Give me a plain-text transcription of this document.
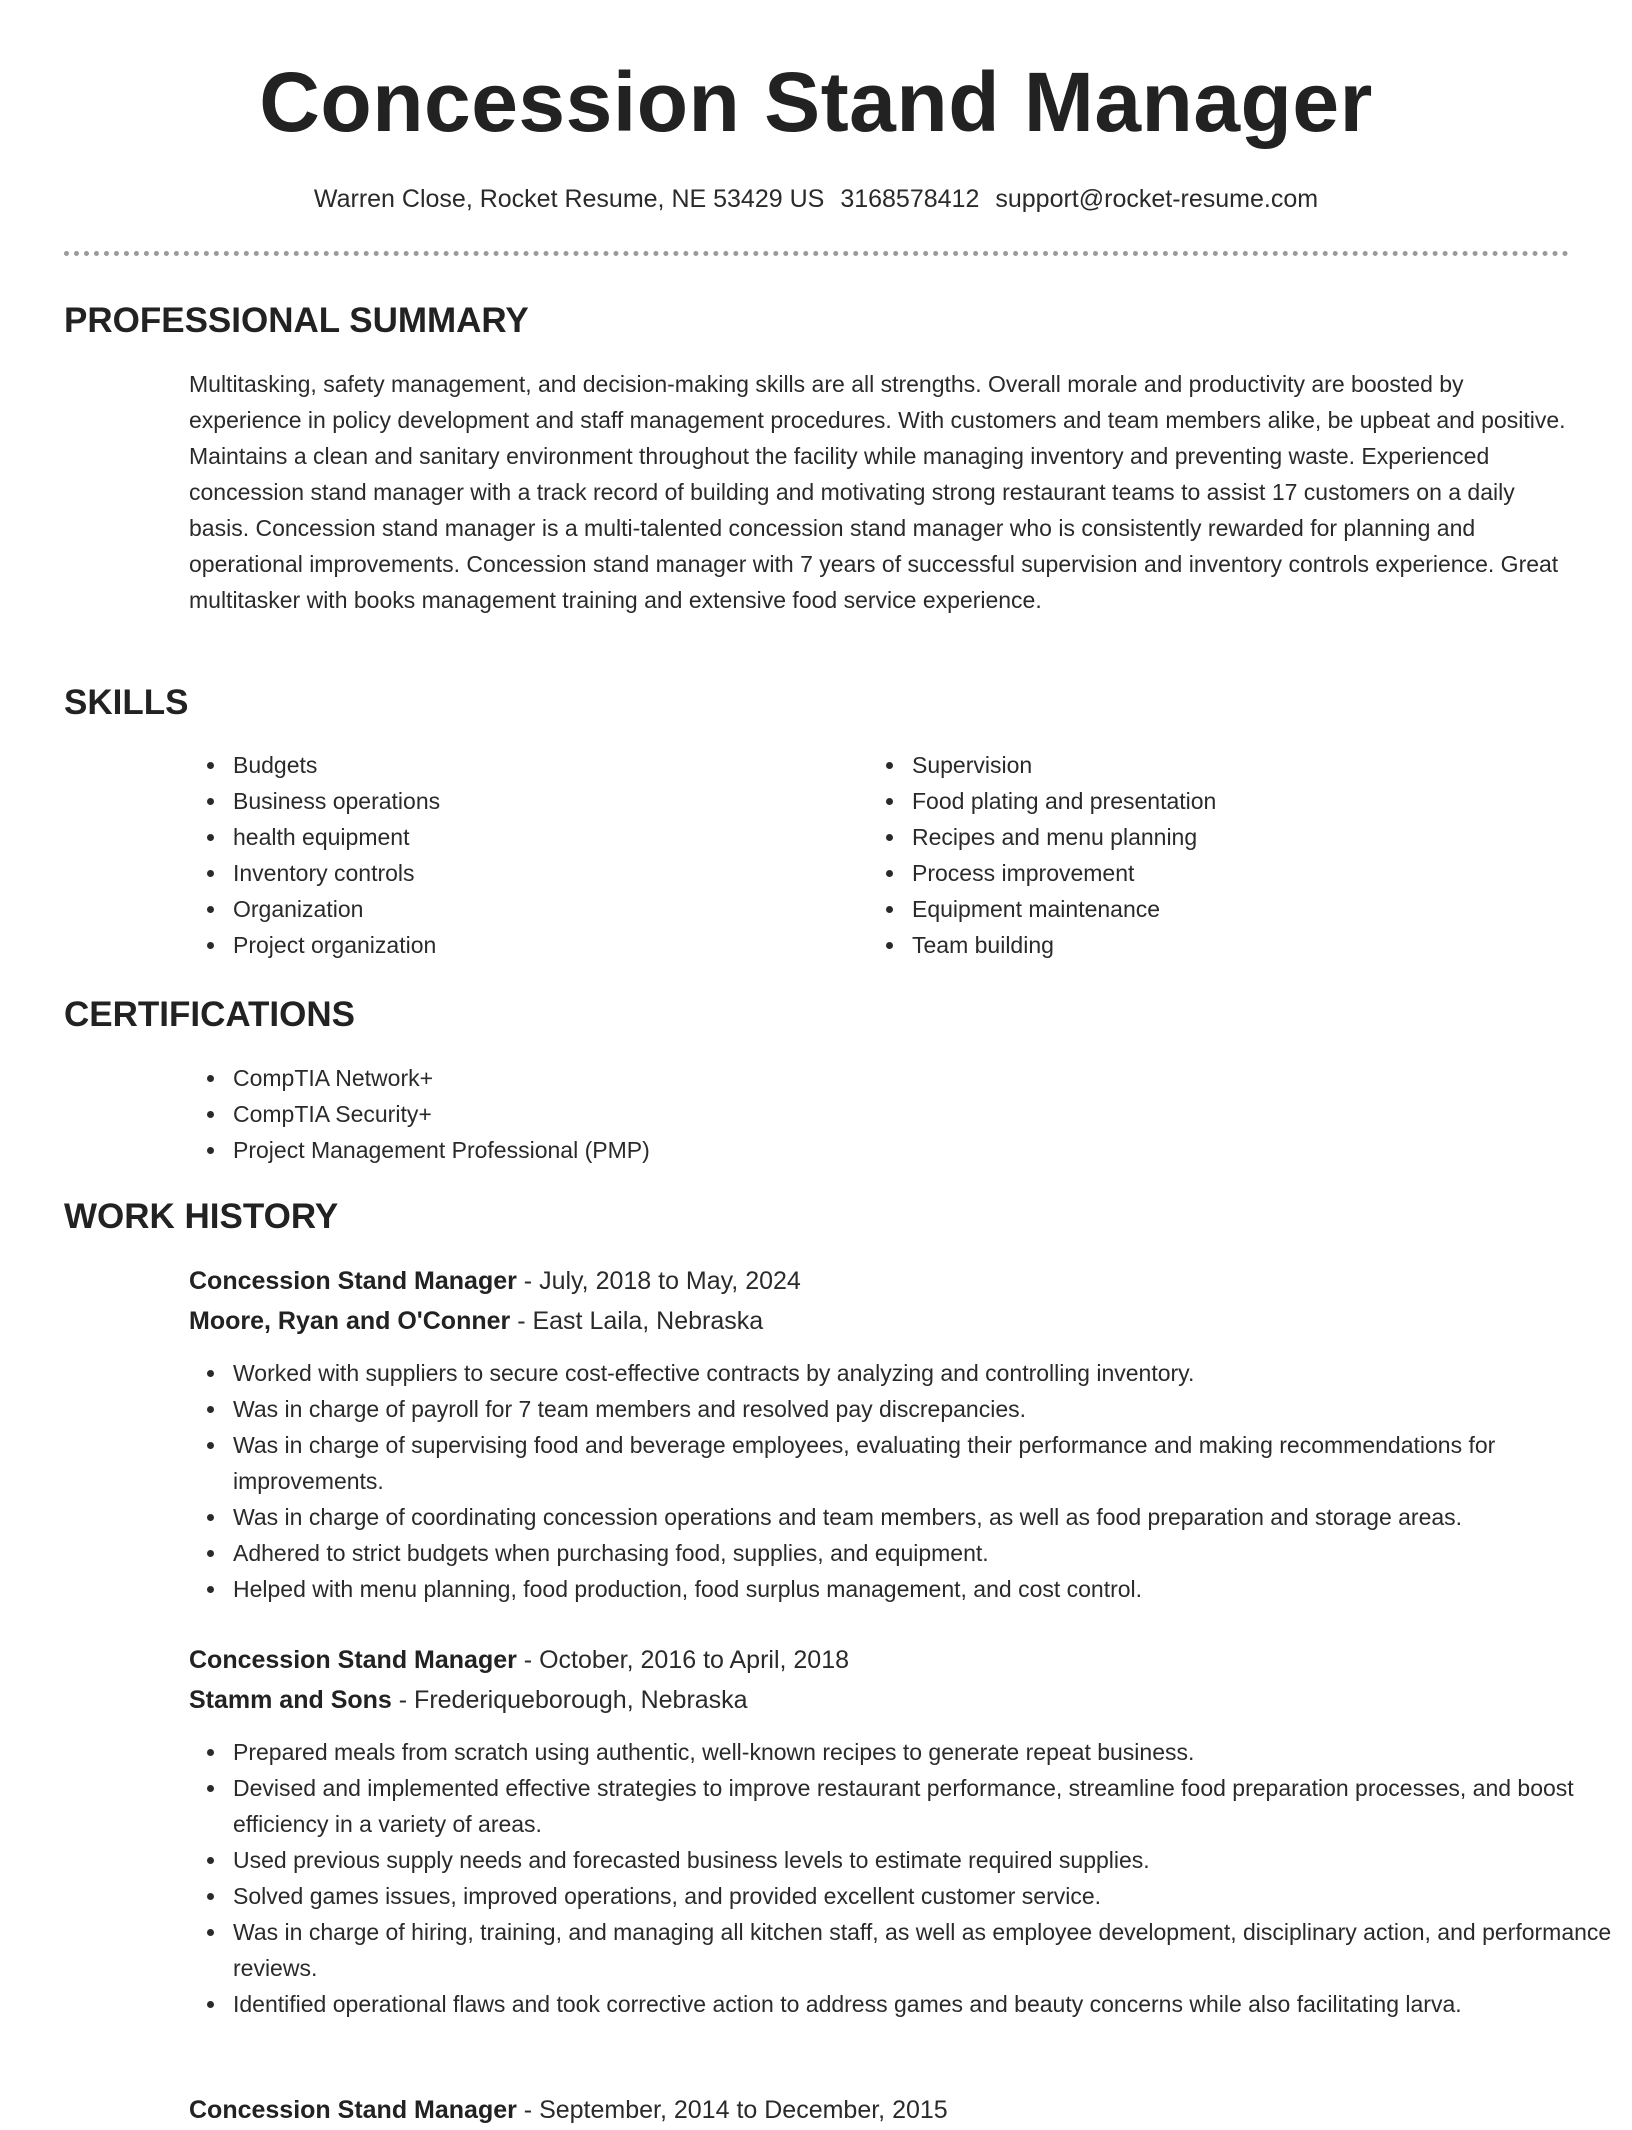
Concession Stand Manager
Warren Close, Rocket Resume, NE 53429 US 3168578412 support@rocket-resume.com
PROFESSIONAL SUMMARY

Multitasking, safety management, and decision-making skills are all strengths. Overall morale and productivity are boosted by experience in policy development and staff management procedures. With customers and team members alike, be upbeat and positive. Maintains a clean and sanitary environment throughout the facility while managing inventory and preventing waste. Experienced concession stand manager with a track record of building and motivating strong restaurant teams to assist 17 customers on a daily basis. Concession stand manager is a multi-talented concession stand manager who is consistently rewarded for planning and operational improvements. Concession stand manager with 7 years of successful supervision and inventory controls experience. Great multitasker with books management training and extensive food service experience.

SKILLS
Budgets
Business operations
health equipment
Inventory controls
Organization
Project organization
Supervision
Food plating and presentation
Recipes and menu planning
Process improvement
Equipment maintenance
Team building
CERTIFICATIONS
CompTIA Network+
CompTIA Security+
Project Management Professional (PMP)
WORK HISTORY
Concession Stand Manager - July, 2018 to May, 2024
Moore, Ryan and O'Conner - East Laila, Nebraska
Worked with suppliers to secure cost-effective contracts by analyzing and controlling inventory.
Was in charge of payroll for 7 team members and resolved pay discrepancies.
Was in charge of supervising food and beverage employees, evaluating their performance and making recommendations for improvements.
Was in charge of coordinating concession operations and team members, as well as food preparation and storage areas.
Adhered to strict budgets when purchasing food, supplies, and equipment.
Helped with menu planning, food production, food surplus management, and cost control.
Concession Stand Manager - October, 2016 to April, 2018
Stamm and Sons - Frederiqueborough, Nebraska
Prepared meals from scratch using authentic, well-known recipes to generate repeat business.
Devised and implemented effective strategies to improve restaurant performance, streamline food preparation processes, and boost efficiency in a variety of areas.
Used previous supply needs and forecasted business levels to estimate required supplies.
Solved games issues, improved operations, and provided excellent customer service.
Was in charge of hiring, training, and managing all kitchen staff, as well as employee development, disciplinary action, and performance reviews.
Identified operational flaws and took corrective action to address games and beauty concerns while also facilitating larva.
Concession Stand Manager - September, 2014 to December, 2015
